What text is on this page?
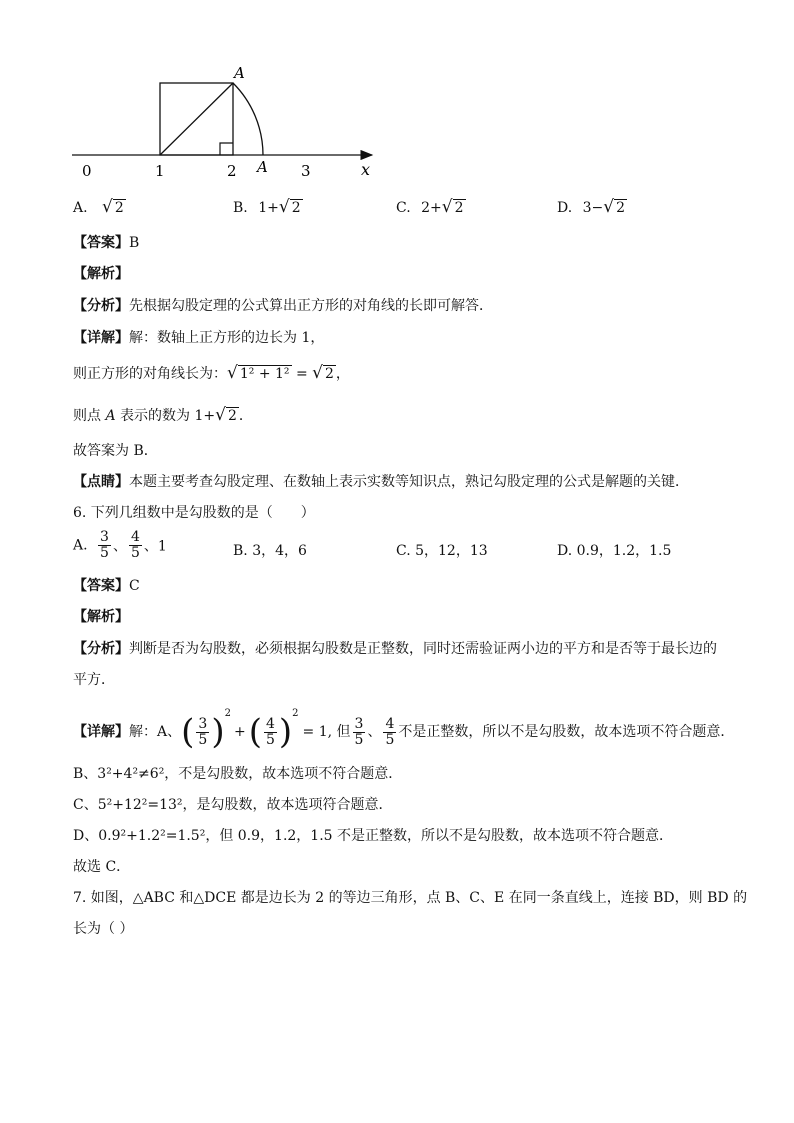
0	1	2	3	x
A
A
A. √ 2	B. 1+ √ 2	C. 2+ √ 2	D. 3− √ 2
【答案】B
【解析】
【分析】先根据勾股定理的公式算出正方形的对角线的长即可解答．
【详解】解：数轴上正方形的边长为 1，
则正方形的对角线长为： √ 1² + 1² = √ 2 ，
则点 A 表示的数为 1+ √ 2 ．
故答案为 B．
【点睛】本题主要考查勾股定理、在数轴上表示实数等知识点，熟记勾股定理的公式是解题的关键．
6. 下列几组数中是勾股数的是（　　）
A. $\frac{3}{5}$ 、 $\frac{4}{5}$ 、1	B. 3，4，6	C. 5，12，13	D. 0.9，1.2，1.5
【答案】C
【解析】
【分析】判断是否为勾股数，必须根据勾股数是正整数，同时还需验证两小边的平方和是否等于最长边的
平方．
【详解】解：A、( $\frac{3}{5} )^2+( \frac{4}{5} )^2= 1$, 但 $\frac{3}{5}$ 、 $\frac{4}{5}$ 不是正整数，所以不是勾股数，故本选项不符合题意．
B、3²+4²≠6²，不是勾股数，故本选项不符合题意．
C、5²+12²=13²，是勾股数，故本选项符合题意．
D、0.9²+1.2²=1.5²，但 0.9，1.2，1.5 不是正整数，所以不是勾股数，故本选项不符合题意．
故选 C．
7. 如图，△ABC 和△DCE 都是边长为 2 的等边三角形，点 B、C、E 在同一条直线上，连接 BD，则 BD 的
长为（ ）
